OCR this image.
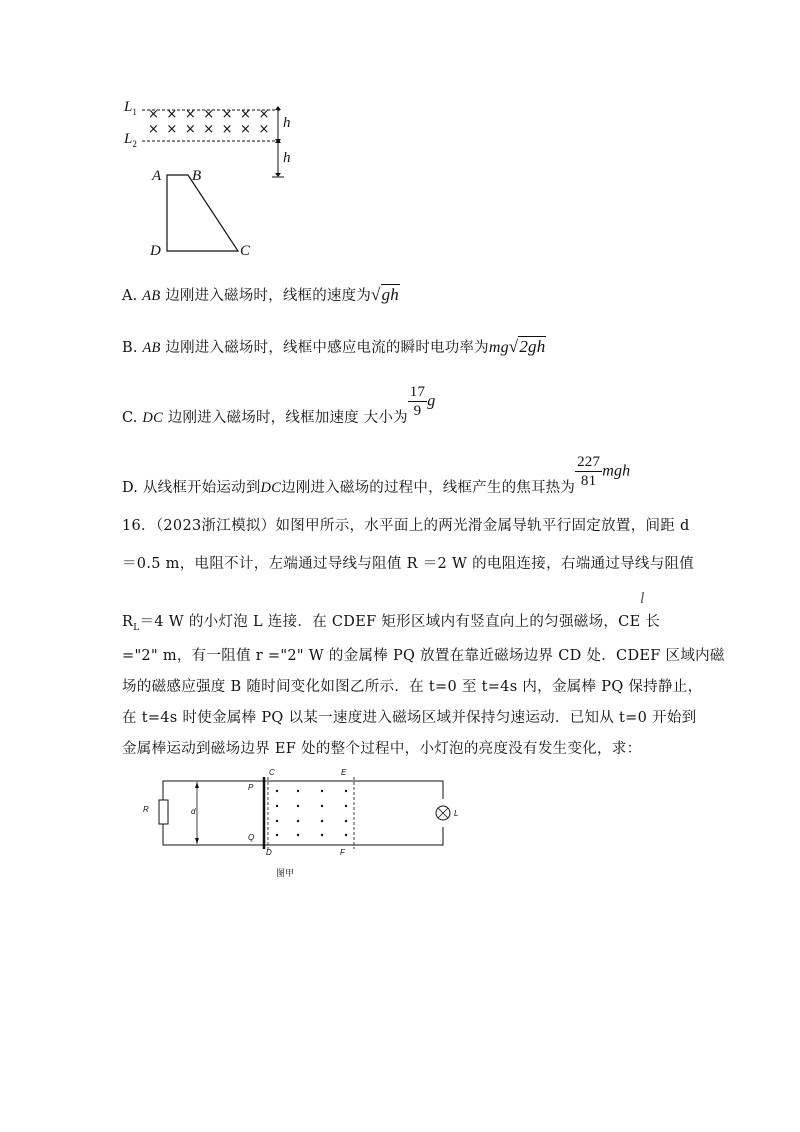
×××××××
×××××××
$L_1$
$L_2$
h
h
A B
C
D
A. AB 边刚进入磁场时，线框的速度为√gh
B. AB 边刚进入磁场时，线框中感应电流的瞬时电功率为mg√2gh
C. DC 边刚进入磁场时，线框加速度 大小为 $\frac{17}{9}$ g
D. 从线框开始运动到DC边刚进入磁场的过程中，线框产生的焦耳热为 $\frac{227}{81}$ mgh
16．（2023浙江模拟）如图甲所示，水平面上的两光滑金属导轨平行固定放置，间距 d
＝0.5 m，电阻不计，左端通过导线与阻值 R ＝2 W 的电阻连接，右端通过导线与阻值
$R_L=4$ W 的小灯泡 L 连接．在 CDEF 矩形区域内有竖直向上的匀强磁场，CE 长
l
="2" m，有一阻值 r ="2" W 的金属棒 PQ 放置在靠近磁场边界 CD 处．CDEF 区域内磁
场的磁感应强度 B 随时间变化如图乙所示．在 t=0 至 t=4s 内，金属棒 PQ 保持静止，
在 t=4s 时使金属棒 PQ 以某一速度进入磁场区域并保持匀速运动．已知从 t=0 开始到
金属棒运动到磁场边界 EF 处的整个过程中，小灯泡的亮度没有发生变化，求：
R	d
P
Q
C
D
E
F
L
图甲
